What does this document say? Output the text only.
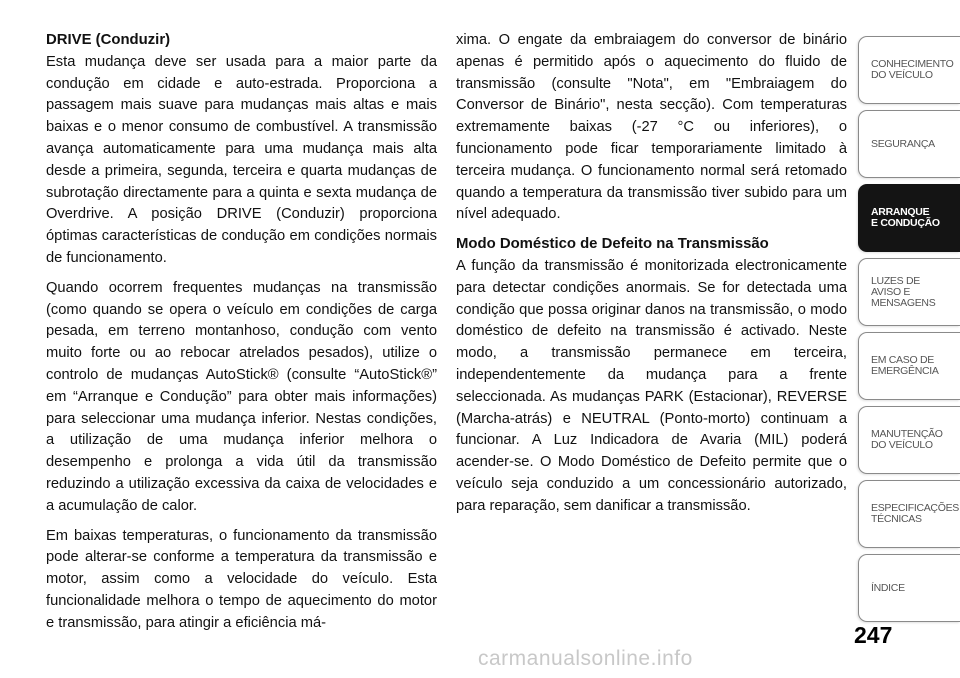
DRIVE (Conduzir)

Esta mudança deve ser usada para a maior parte da condução em cidade e auto-estrada. Proporciona a passagem mais suave para mudanças mais altas e mais baixas e o menor consumo de combustível. A transmissão avança automaticamente para uma mudança mais alta desde a primeira, segunda, terceira e quarta mudanças de subrotação directamente para a quinta e sexta mudança de Overdrive. A posição DRIVE (Conduzir) proporciona óptimas características de condução em condições normais de funcionamento.

Quando ocorrem frequentes mudanças na transmissão (como quando se opera o veículo em condições de carga pesada, em terreno montanhoso, condução com vento muito forte ou ao rebocar atrelados pesados), utilize o controlo de mudanças AutoStick® (consulte “AutoStick®” em “Arranque e Condução” para obter mais informações) para seleccionar uma mudança inferior. Nestas condições, a utilização de uma mudança inferior melhora o desempenho e prolonga a vida útil da transmissão reduzindo a utilização excessiva da caixa de velocidades e a acumulação de calor.

Em baixas temperaturas, o funcionamento da transmissão pode alterar-se conforme a temperatura da transmissão e motor, assim como a velocidade do veículo. Esta funcionalidade melhora o tempo de aquecimento do motor e transmissão, para atingir a eficiência má-

xima. O engate da embraiagem do conversor de binário apenas é permitido após o aquecimento do fluido de transmissão (consulte "Nota", em "Embraiagem do Conversor de Binário", nesta secção). Com temperaturas extremamente baixas (-27 °C ou inferiores), o funcionamento pode ficar temporariamente limitado à terceira mudança. O funcionamento normal será retomado quando a temperatura da transmissão tiver subido para um nível adequado.

Modo Doméstico de Defeito na Transmissão

A função da transmissão é monitorizada electronicamente para detectar condições anormais. Se for detectada uma condição que possa originar danos na transmissão, o modo doméstico de defeito na transmissão é activado. Neste modo, a transmissão permanece em terceira, independentemente da mudança para a frente seleccionada. As mudanças PARK (Estacionar), REVERSE (Marcha-atrás) e NEUTRAL (Ponto-morto) continuam a funcionar. A Luz Indicadora de Avaria (MIL) poderá acender-se. O Modo Doméstico de Defeito permite que o veículo seja conduzido a um concessionário autorizado, para reparação, sem danificar a transmissão.

CONHECIMENTO
DO VEÍCULO
SEGURANÇA
ARRANQUE
E CONDUÇÃO
LUZES DE
AVISO E
MENSAGENS
EM CASO DE
EMERGÊNCIA
MANUTENÇÃO
DO VEÍCULO
ESPECIFICAÇÕES
TÉCNICAS
ÍNDICE
247
carmanualsonline.info
